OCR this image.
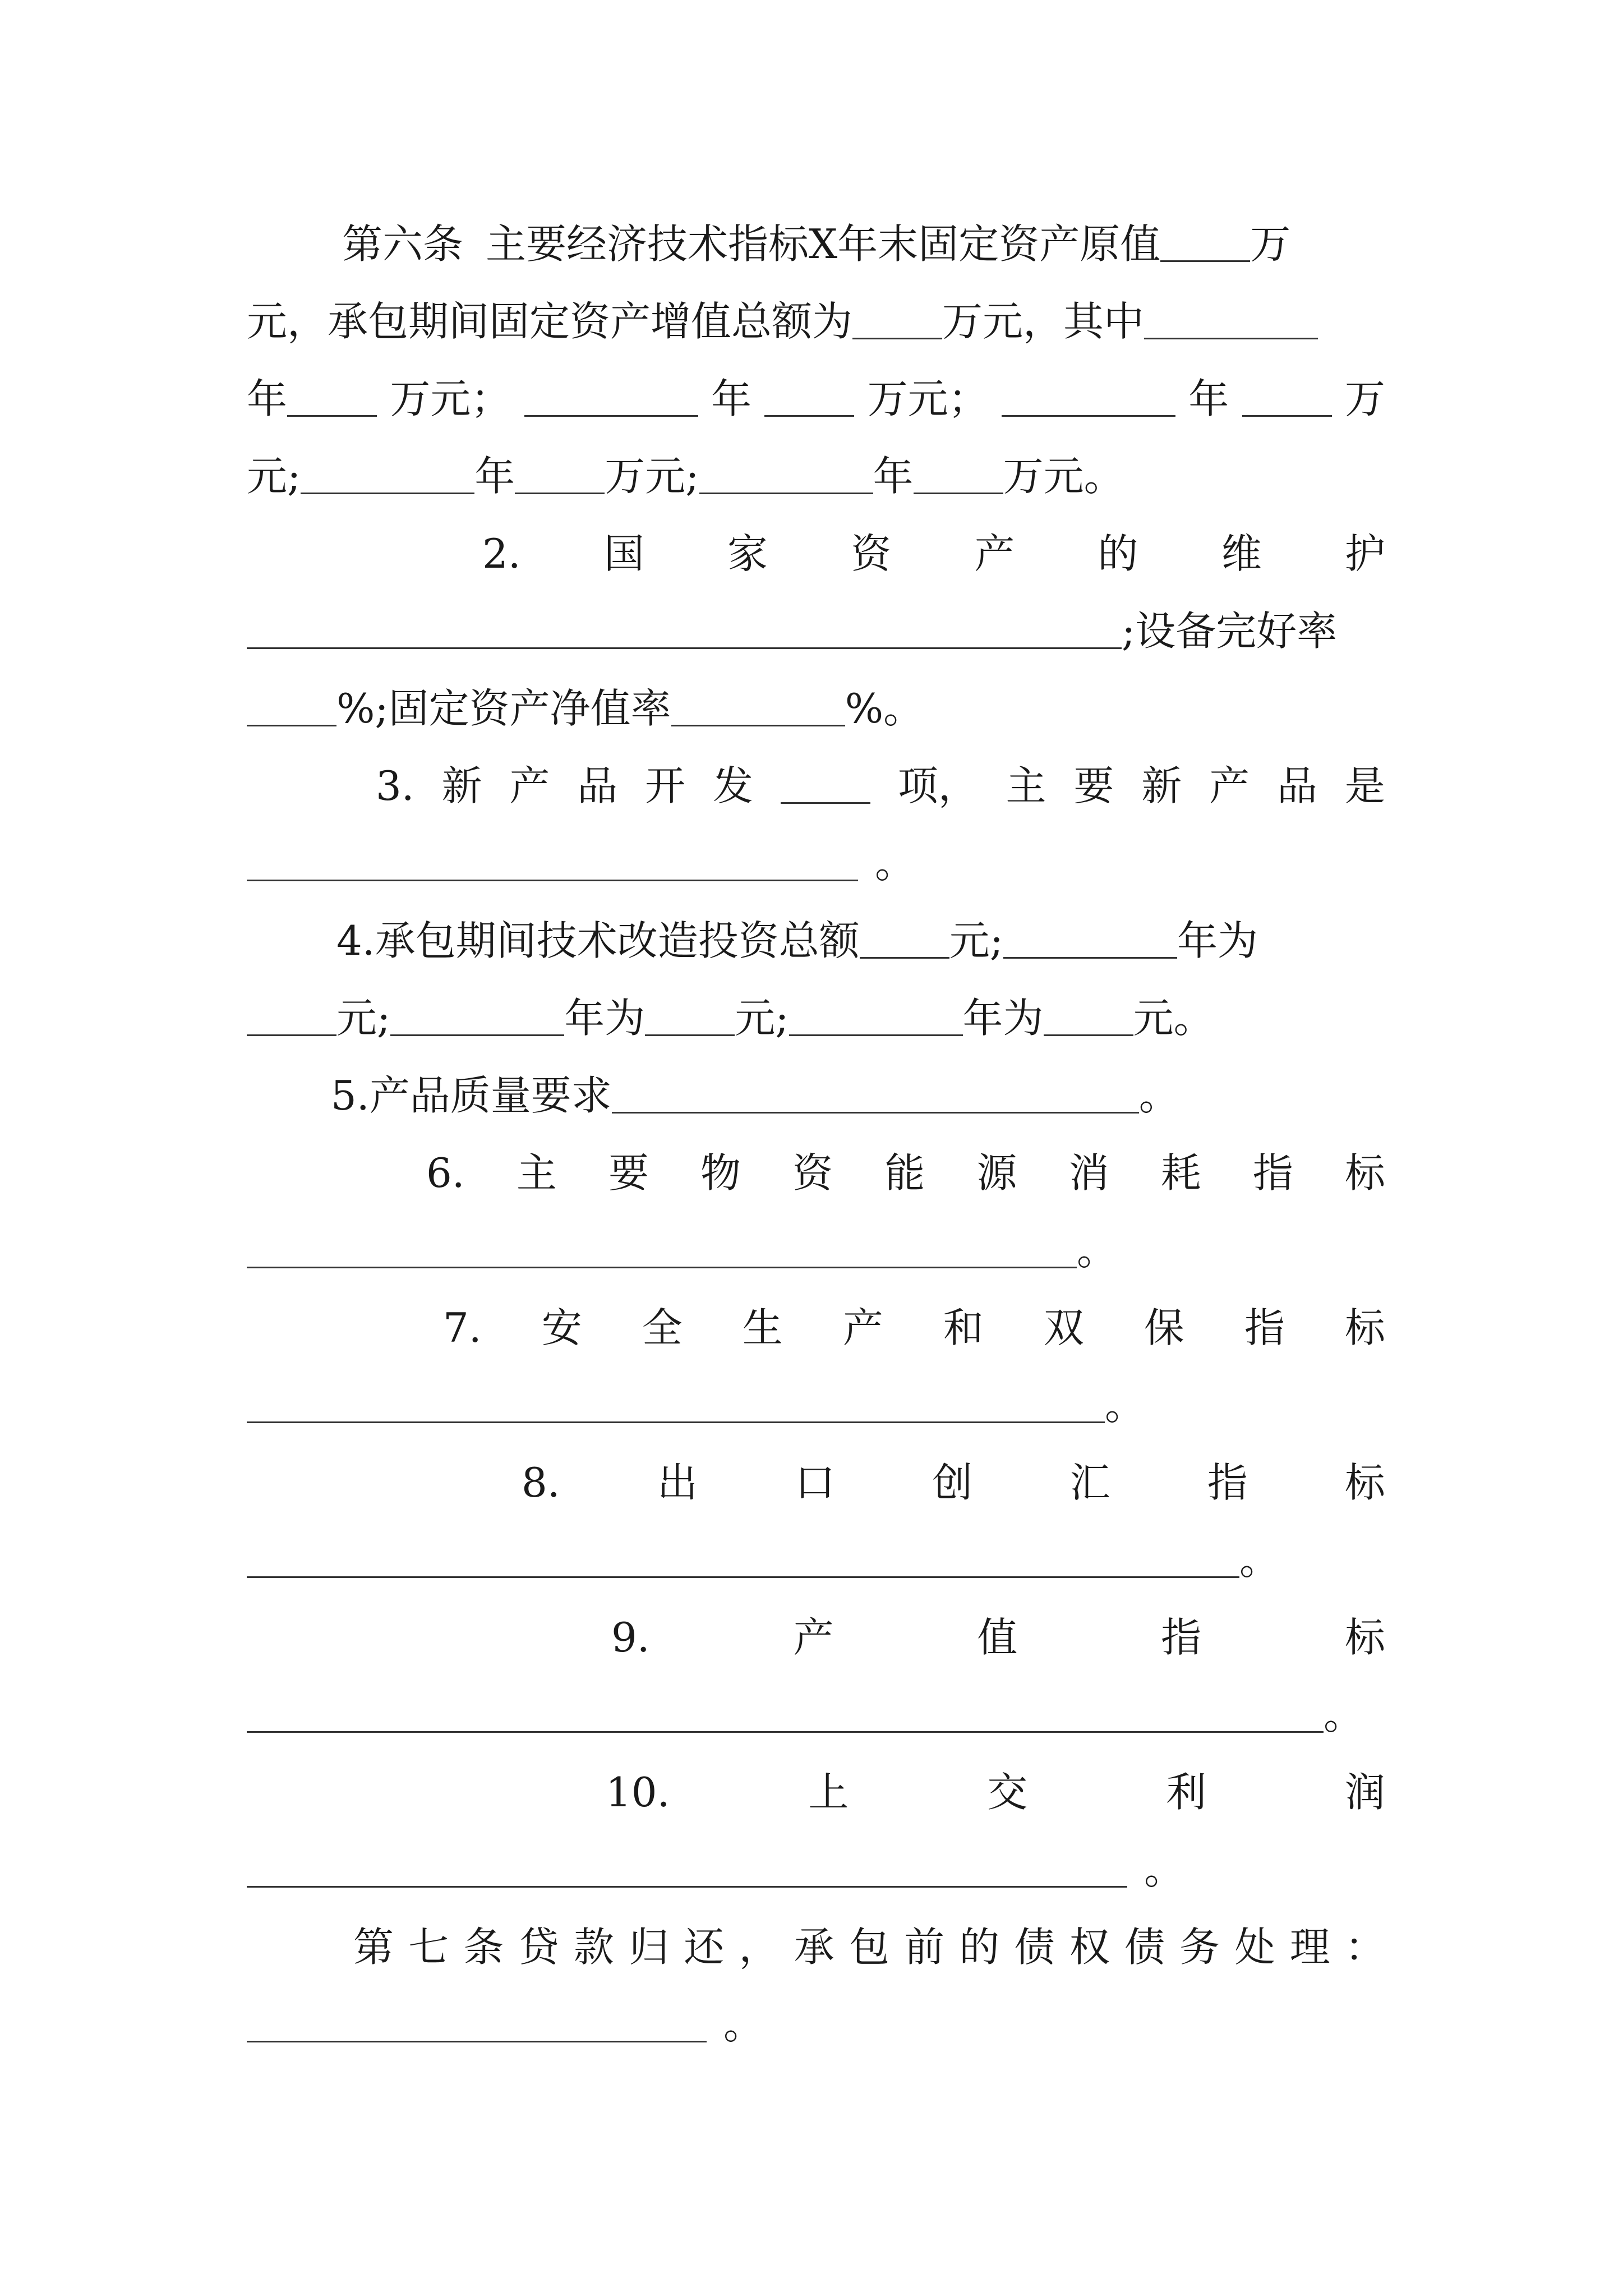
第六条 主要经济技术指标X年末固定资产原值 万
元，承包期间固定资产增值总额为 万元，其中
年	万元；	年	万元；	年	万
元;	年 万元;	年 万元。
2. 国 家 资 产 的 维 护
;设备完好率
%;固定资产净值率	%。
3. 新 产 品 开 发	项， 主 要 新 产 品 是
。
4.承包期间技术改造投资总额 元;	年为
元;	年为 元;	年为 元。
5.产品质量要求	。
6. 主 要 物 资 能 源 消 耗 指 标
。
7. 安 全 生 产 和 双 保 指 标
。
8. 出 口 创 汇 指 标
。
9.	产	值	指	标
。
10.	上	交	利	润
。
第 七 条 贷 款 归 还 ， 承 包 前 的 债 权 债 务 处 理 ：
。
